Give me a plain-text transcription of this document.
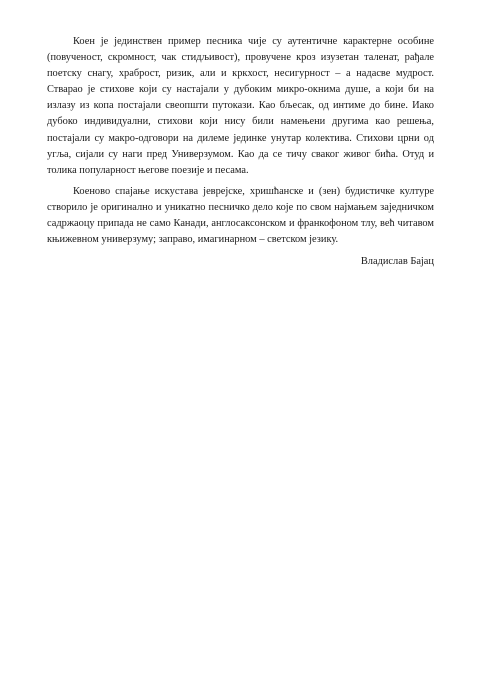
Коен је јединствен пример песника чије су аутентичне карактерне особине (повученост, скромност, чак стидљивост), провучене кроз изузетан таленат, рађале поетску снагу, храброст, ризик, али и кркхост, несигурност – а надасве мудрост. Стварао је стихове који су настајали у дубоким микро-окнима душе, а који би на излазу из копа постајали свеопшти путокази. Као бљесак, од интиме до бине. Иако дубоко индивидуални, стихови који нису били намењени другима као решења, постајали су макро-одговори на дилеме јединке унутар колектива. Стихови црни од угља, сијали су наги пред Универзумом. Као да се тичу сваког живог бића. Отуд и толика популарност његове поезије и песама.

Коеново спајање искустава јеврејске, хришћанске и (зен) будистичке културе створило је оригинално и уникатно песничко дело које по свом најмањем заједничком садржаоцу припада не само Канади, англосаксонском и франкофоном тлу, већ читавом књижевном универзуму; заправо, имагинарном – светском језику.

Владислав Бајац
